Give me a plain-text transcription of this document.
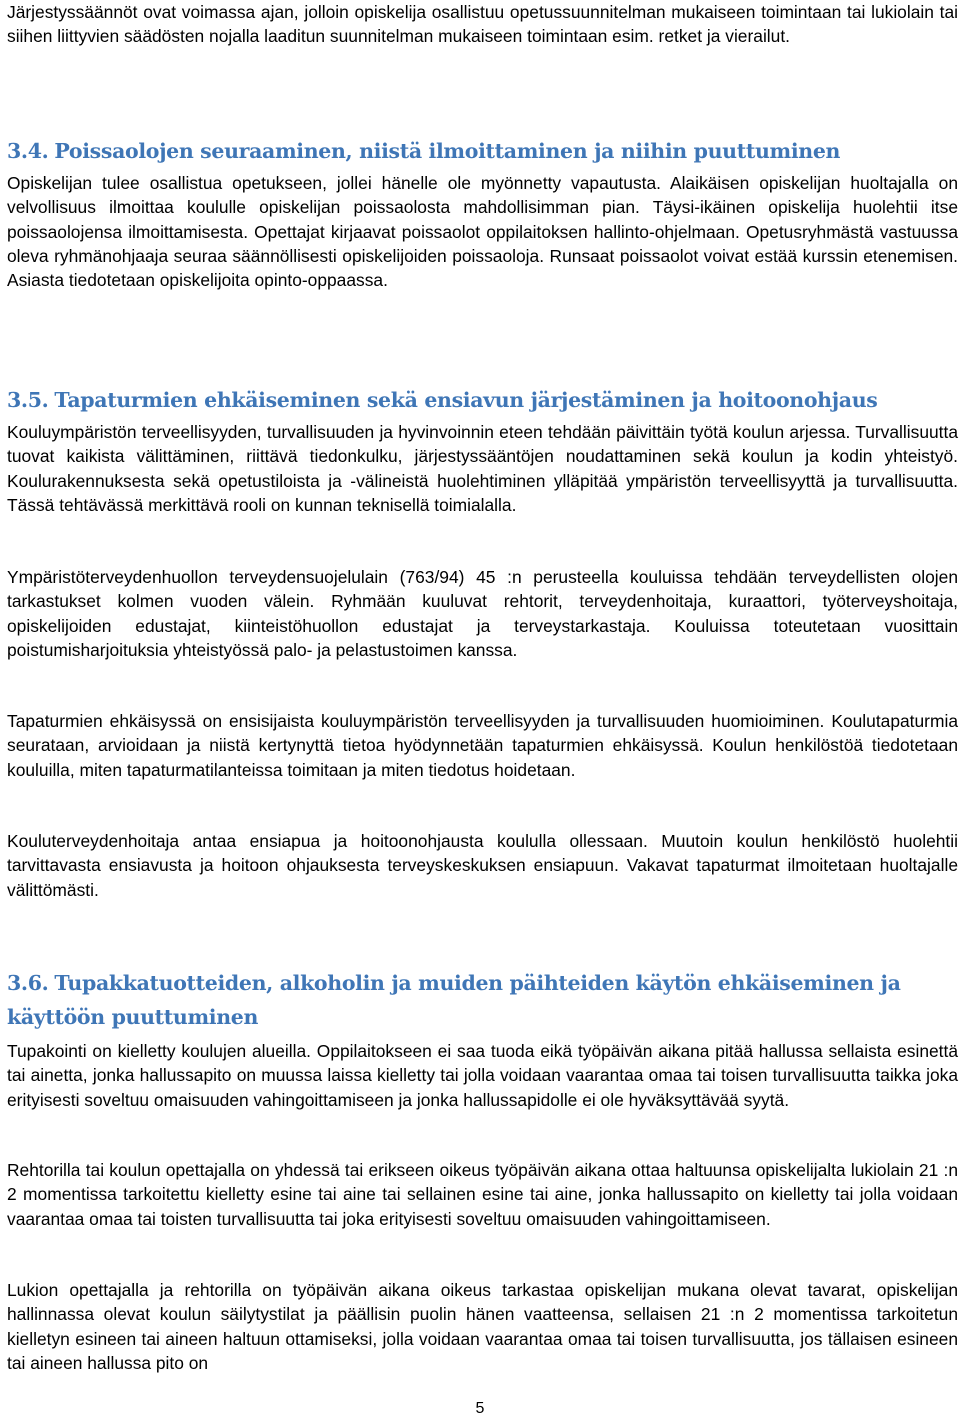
Järjestyssäännöt ovat voimassa ajan, jolloin opiskelija osallistuu opetussuunnitelman mukaiseen toimintaan tai lukiolain tai siihen liittyvien säädösten nojalla laaditun suunnitelman mukaiseen toimintaan esim. retket ja vierailut.

3.4. Poissaolojen seuraaminen, niistä ilmoittaminen ja niihin puuttuminen

Opiskelijan tulee osallistua opetukseen, jollei hänelle ole myönnetty vapautusta. Alaikäisen opiskelijan huoltajalla on velvollisuus ilmoittaa koululle opiskelijan poissaolosta mahdollisimman pian. Täysi-ikäinen opiskelija huolehtii itse poissaolojensa ilmoittamisesta. Opettajat kirjaavat poissaolot oppilaitoksen hallinto-ohjelmaan. Opetusryhmästä vastuussa oleva ryhmänohjaaja seuraa säännöllisesti opiskelijoiden poissaoloja. Runsaat poissaolot voivat estää kurssin etenemisen. Asiasta tiedotetaan opiskelijoita opinto-oppaassa.

3.5. Tapaturmien ehkäiseminen sekä ensiavun järjestäminen ja hoitoonohjaus

Kouluympäristön terveellisyyden, turvallisuuden ja hyvinvoinnin eteen tehdään päivittäin työtä koulun arjessa. Turvallisuutta tuovat kaikista välittäminen, riittävä tiedonkulku, järjestyssääntöjen noudattaminen sekä koulun ja kodin yhteistyö. Koulurakennuksesta sekä opetustiloista ja -välineistä huolehtiminen ylläpitää ympäristön terveellisyyttä ja turvallisuutta. Tässä tehtävässä merkittävä rooli on kunnan teknisellä toimialalla.

Ympäristöterveydenhuollon terveydensuojelulain (763/94) 45 :n perusteella kouluissa tehdään terveydellisten olojen tarkastukset kolmen vuoden välein. Ryhmään kuuluvat rehtorit, terveydenhoitaja, kuraattori, työterveyshoitaja, opiskelijoiden edustajat, kiinteistöhuollon edustajat ja terveystarkastaja. Kouluissa toteutetaan vuosittain poistumisharjoituksia yhteistyössä palo- ja pelastustoimen kanssa.

Tapaturmien ehkäisyssä on ensisijaista kouluympäristön terveellisyyden ja turvallisuuden huomioiminen. Koulutapaturmia seurataan, arvioidaan ja niistä kertynyttä tietoa hyödynnetään tapaturmien ehkäisyssä. Koulun henkilöstöä tiedotetaan kouluilla, miten tapaturmatilanteissa toimitaan ja miten tiedotus hoidetaan.

Kouluterveydenhoitaja antaa ensiapua ja hoitoonohjausta koululla ollessaan. Muutoin koulun henkilöstö huolehtii tarvittavasta ensiavusta ja hoitoon ohjauksesta terveyskeskuksen ensiapuun. Vakavat tapaturmat ilmoitetaan huoltajalle välittömästi.

3.6. Tupakkatuotteiden, alkoholin ja muiden päihteiden käytön ehkäiseminen ja käyttöön puuttuminen

Tupakointi on kielletty koulujen alueilla. Oppilaitokseen ei saa tuoda eikä työpäivän aikana pitää hallussa sellaista esinettä tai ainetta, jonka hallussapito on muussa laissa kielletty tai jolla voidaan vaarantaa omaa tai toisen turvallisuutta taikka joka erityisesti soveltuu omaisuuden vahingoittamiseen ja jonka hallussapidolle ei ole hyväksyttävää syytä.

Rehtorilla tai koulun opettajalla on yhdessä tai erikseen oikeus työpäivän aikana ottaa haltuunsa opiskelijalta lukiolain 21 :n 2 momentissa tarkoitettu kielletty esine tai aine tai sellainen esine tai aine, jonka hallussapito on kielletty tai jolla voidaan vaarantaa omaa tai toisten turvallisuutta tai joka erityisesti soveltuu omaisuuden vahingoittamiseen.

Lukion opettajalla ja rehtorilla on työpäivän aikana oikeus tarkastaa opiskelijan mukana olevat tavarat, opiskelijan hallinnassa olevat koulun säilytystilat ja päällisin puolin hänen vaatteensa, sellaisen 21 :n 2 momentissa tarkoitetun kielletyn esineen tai aineen haltuun ottamiseksi, jolla voidaan vaarantaa omaa tai toisen turvallisuutta, jos tällaisen esineen tai aineen hallussa pito on

5
